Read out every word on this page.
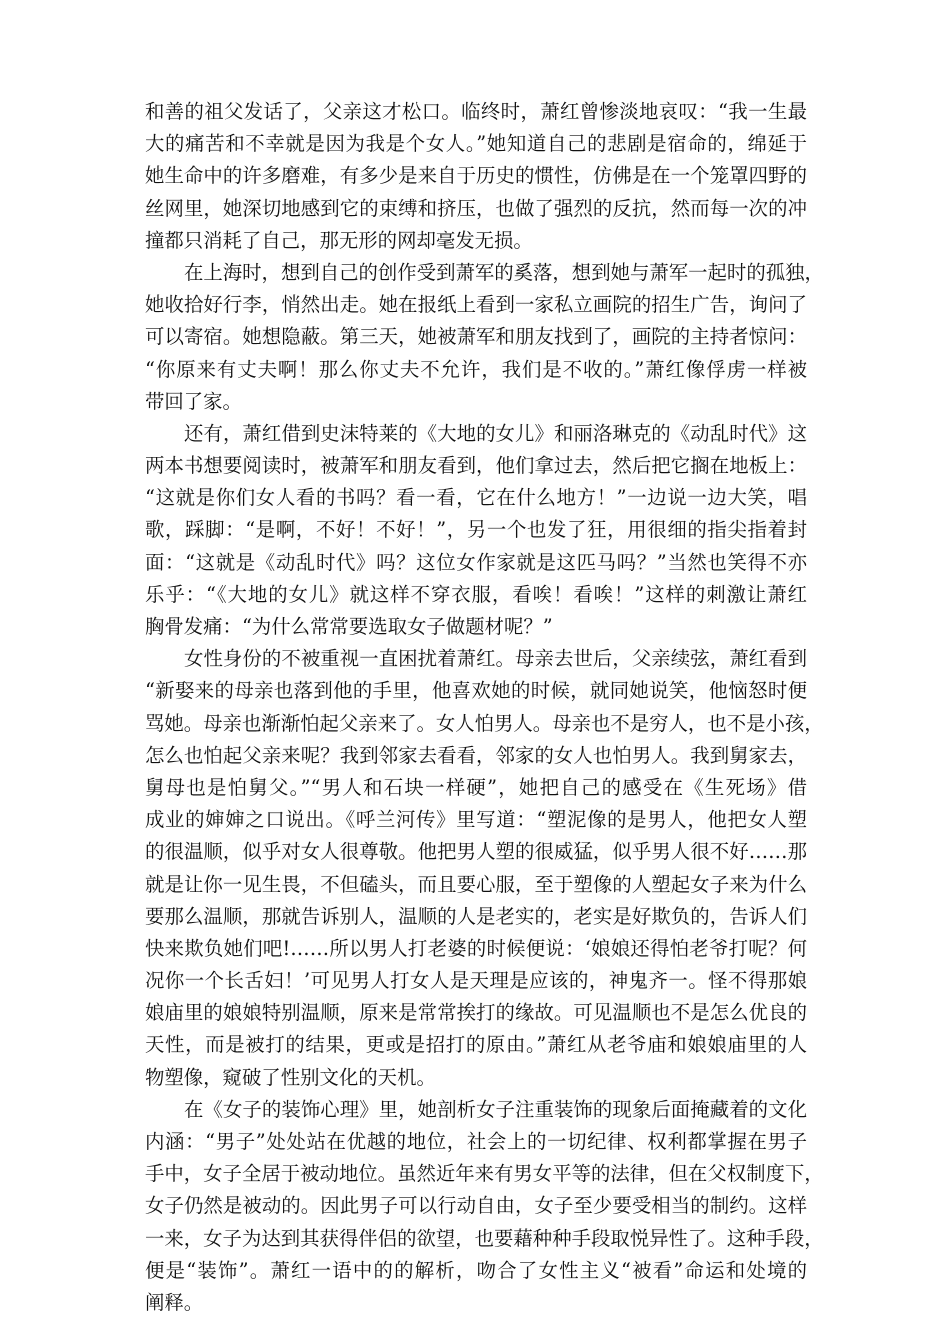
和善的祖父发话了，父亲这才松口。临终时，萧红曾惨淡地哀叹：“我一生最
大的痛苦和不幸就是因为我是个女人。”她知道自己的悲剧是宿命的，绵延于
她生命中的许多磨难，有多少是来自于历史的惯性，仿佛是在一个笼罩四野的
丝网里，她深切地感到它的束缚和挤压，也做了强烈的反抗，然而每一次的冲
撞都只消耗了自己，那无形的网却毫发无损。
在上海时，想到自己的创作受到萧军的奚落，想到她与萧军一起时的孤独，
她收拾好行李，悄然出走。她在报纸上看到一家私立画院的招生广告，询问了
可以寄宿。她想隐蔽。第三天，她被萧军和朋友找到了，画院的主持者惊问：
“你原来有丈夫啊！那么你丈夫不允许，我们是不收的。”萧红像俘虏一样被
带回了家。
还有，萧红借到史沫特莱的《大地的女儿》和丽洛琳克的《动乱时代》这
两本书想要阅读时，被萧军和朋友看到，他们拿过去，然后把它搁在地板上：
“这就是你们女人看的书吗？看一看，它在什么地方！”一边说一边大笑，唱
歌，踩脚：“是啊，不好！不好！”，另一个也发了狂，用很细的指尖指着封
面：“这就是《动乱时代》吗？这位女作家就是这匹马吗？”当然也笑得不亦
乐乎：“《大地的女儿》就这样不穿衣服，看唉！看唉！”这样的刺激让萧红
胸骨发痛：“为什么常常要选取女子做题材呢？”
女性身份的不被重视一直困扰着萧红。母亲去世后，父亲续弦，萧红看到
“新娶来的母亲也落到他的手里，他喜欢她的时候，就同她说笑，他恼怒时便
骂她。母亲也渐渐怕起父亲来了。女人怕男人。母亲也不是穷人，也不是小孩，
怎么也怕起父亲来呢？我到邻家去看看，邻家的女人也怕男人。我到舅家去，
舅母也是怕舅父。”“男人和石块一样硬”，她把自己的感受在《生死场》借
成业的婶婶之口说出。《呼兰河传》里写道：“塑泥像的是男人，他把女人塑
的很温顺，似乎对女人很尊敬。他把男人塑的很威猛，似乎男人很不好……那
就是让你一见生畏，不但磕头，而且要心服，至于塑像的人塑起女子来为什么
要那么温顺，那就告诉别人，温顺的人是老实的，老实是好欺负的，告诉人们
快来欺负她们吧!……所以男人打老婆的时候便说：‘娘娘还得怕老爷打呢？何
况你一个长舌妇！’可见男人打女人是天理是应该的，神鬼齐一。怪不得那娘
娘庙里的娘娘特别温顺，原来是常常挨打的缘故。可见温顺也不是怎么优良的
天性，而是被打的结果，更或是招打的原由。”萧红从老爷庙和娘娘庙里的人
物塑像，窥破了性别文化的天机。
在《女子的装饰心理》里，她剖析女子注重装饰的现象后面掩藏着的文化
内涵：“男子”处处站在优越的地位，社会上的一切纪律、权利都掌握在男子
手中，女子全居于被动地位。虽然近年来有男女平等的法律，但在父权制度下，
女子仍然是被动的。因此男子可以行动自由，女子至少要受相当的制约。这样
一来，女子为达到其获得伴侣的欲望，也要藉种种手段取悦异性了。这种手段，
便是“装饰”。萧红一语中的的解析，吻合了女性主义“被看”命运和处境的
阐释。
